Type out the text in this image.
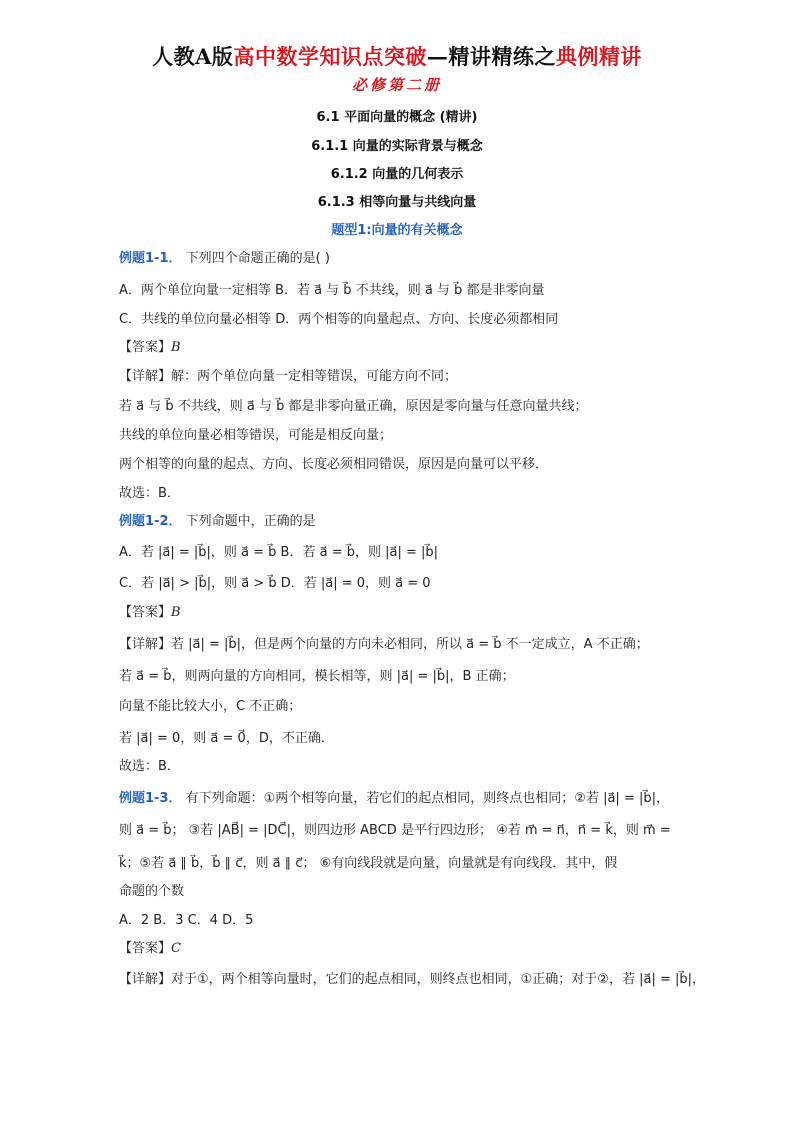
人教A版高中数学知识点突破—精讲精练之典例精讲
必修第二册
6.1 平面向量的概念 (精讲)
6.1.1 向量的实际背景与概念
6.1.2 向量的几何表示
6.1.3 相等向量与共线向量
题型1:向量的有关概念
例题1-1． 下列四个命题正确的是( )
A．两个单位向量一定相等 B．若 a⃗ 与 b⃗ 不共线，则 a⃗ 与 b⃗ 都是非零向量
C．共线的单位向量必相等 D．两个相等的向量起点、方向、长度必须都相同
【答案】B
【详解】解：两个单位向量一定相等错误，可能方向不同；
若 a⃗ 与 b⃗ 不共线，则 a⃗ 与 b⃗ 都是非零向量正确，原因是零向量与任意向量共线；
共线的单位向量必相等错误，可能是相反向量；
两个相等的向量的起点、方向、长度必须相同错误，原因是向量可以平移．
故选：B．
例题1-2． 下列命题中，正确的是
A．若 |a⃗| = |b⃗|，则 a⃗ = b⃗ B．若 a⃗ = b⃗，则 |a⃗| = |b⃗|
C．若 |a⃗| > |b⃗|，则 a⃗ > b⃗ D．若 |a⃗| = 0，则 a⃗ = 0
【答案】B
【详解】若 |a⃗| = |b⃗|，但是两个向量的方向未必相同，所以 a⃗ = b⃗ 不一定成立，A 不正确；
若 a⃗ = b⃗，则两向量的方向相同，模长相等，则 |a⃗| = |b⃗|，B 正确；
向量不能比较大小，C 不正确；
若 |a⃗| = 0，则 a⃗ = 0⃗，D，不正确．
故选：B．
例题1-3． 有下列命题：①两个相等向量，若它们的起点相同，则终点也相同；②若 |a⃗| = |b⃗|，
则 a⃗ = b⃗； ③若 |AB⃗| = |DC⃗|，则四边形 ABCD 是平行四边形； ④若 m⃗ = n⃗，n⃗ = k⃗，则 m⃗ =
k⃗；⑤若 a⃗ ∥ b⃗，b⃗ ∥ c⃗，则 a⃗ ∥ c⃗； ⑥有向线段就是向量，向量就是有向线段．其中，假
命题的个数
A．2 B．3 C．4 D．5
【答案】C
【详解】对于①，两个相等向量时，它们的起点相同，则终点也相同，①正确；对于②，若 |a⃗| = |b⃗|，
